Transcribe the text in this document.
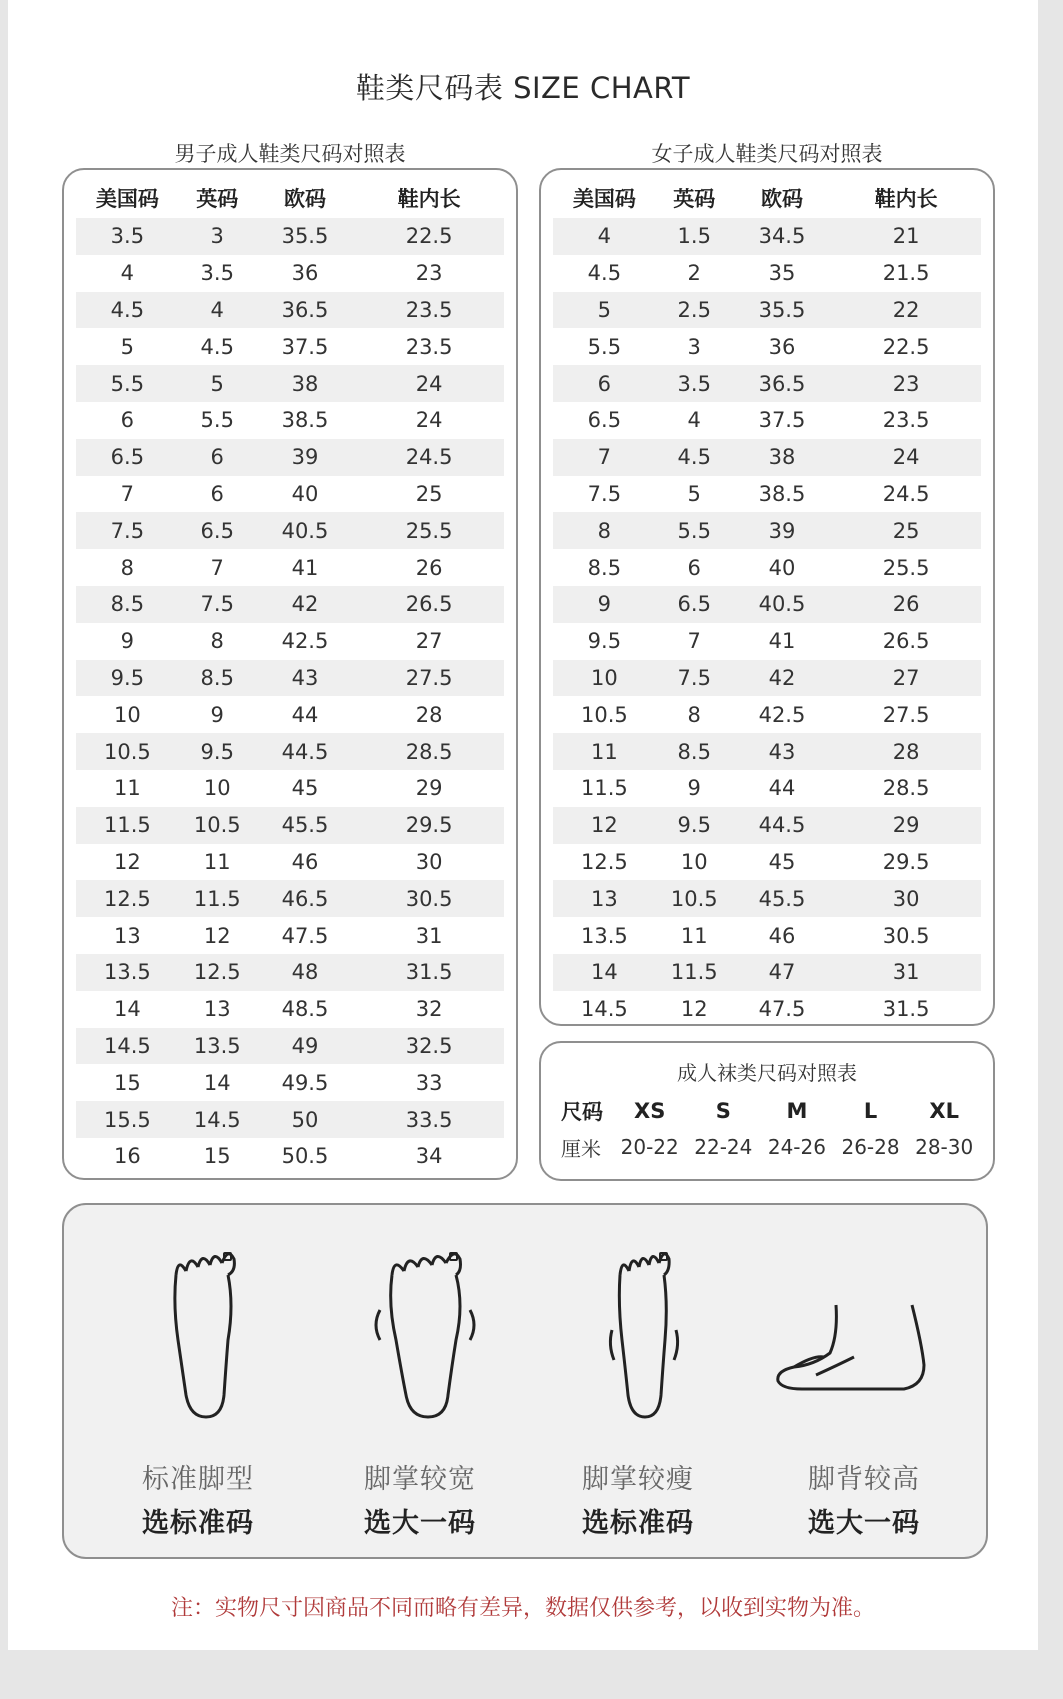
鞋类尺码表 SIZE CHART
男子成人鞋类尺码对照表
美国码	英码	欧码	鞋内长
3.5	3	35.5	22.5
4	3.5	36	23
4.5	4	36.5	23.5
5	4.5	37.5	23.5
5.5	5	38	24
6	5.5	38.5	24
6.5	6	39	24.5
7	6	40	25
7.5	6.5	40.5	25.5
8	7	41	26
8.5	7.5	42	26.5
9	8	42.5	27
9.5	8.5	43	27.5
10	9	44	28
10.5	9.5	44.5	28.5
11	10	45	29
11.5	10.5	45.5	29.5
12	11	46	30
12.5	11.5	46.5	30.5
13	12	47.5	31
13.5	12.5	48	31.5
14	13	48.5	32
14.5	13.5	49	32.5
15	14	49.5	33
15.5	14.5	50	33.5
16	15	50.5	34
女子成人鞋类尺码对照表
美国码	英码	欧码	鞋内长
4	1.5	34.5	21
4.5	2	35	21.5
5	2.5	35.5	22
5.5	3	36	22.5
6	3.5	36.5	23
6.5	4	37.5	23.5
7	4.5	38	24
7.5	5	38.5	24.5
8	5.5	39	25
8.5	6	40	25.5
9	6.5	40.5	26
9.5	7	41	26.5
10	7.5	42	27
10.5	8	42.5	27.5
11	8.5	43	28
11.5	9	44	28.5
12	9.5	44.5	29
12.5	10	45	29.5
13	10.5	45.5	30
13.5	11	46	30.5
14	11.5	47	31
14.5	12	47.5	31.5
成人袜类尺码对照表
尺码	XS	S	M	L	XL
厘米	20-22	22-24	24-26	26-28	28-30
标准脚型
选标准码
脚掌较宽
选大一码
脚掌较瘦
选标准码
脚背较高
选大一码
注：实物尺寸因商品不同而略有差异，数据仅供参考，以收到实物为准。
